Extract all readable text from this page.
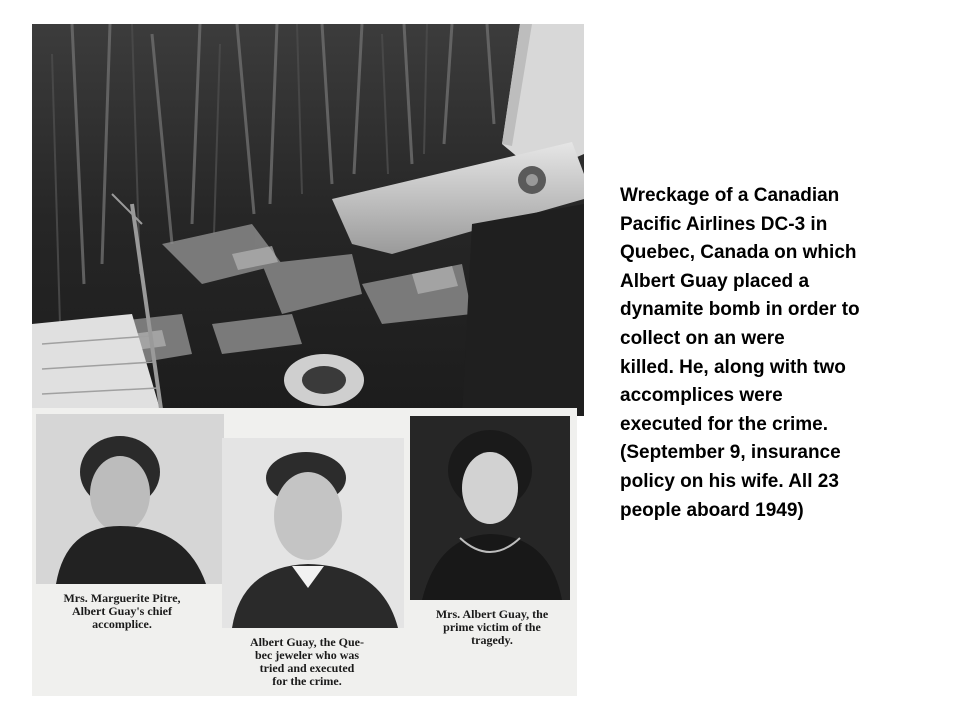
Mrs. Marguerite Pitre,
Albert Guay's chief
accomplice.

Albert Guay, the Que-
bec jeweler who was
tried and executed
for the crime.

Mrs. Albert Guay, the
prime victim of the
tragedy.

Wreckage of a Canadian
Pacific Airlines DC-3 in
Quebec, Canada on which
Albert Guay placed a
dynamite bomb in order to
collect on an were
killed. He, along with two
accomplices were
executed for the crime.
(September 9, insurance
policy on his wife. All 23
people aboard 1949)
